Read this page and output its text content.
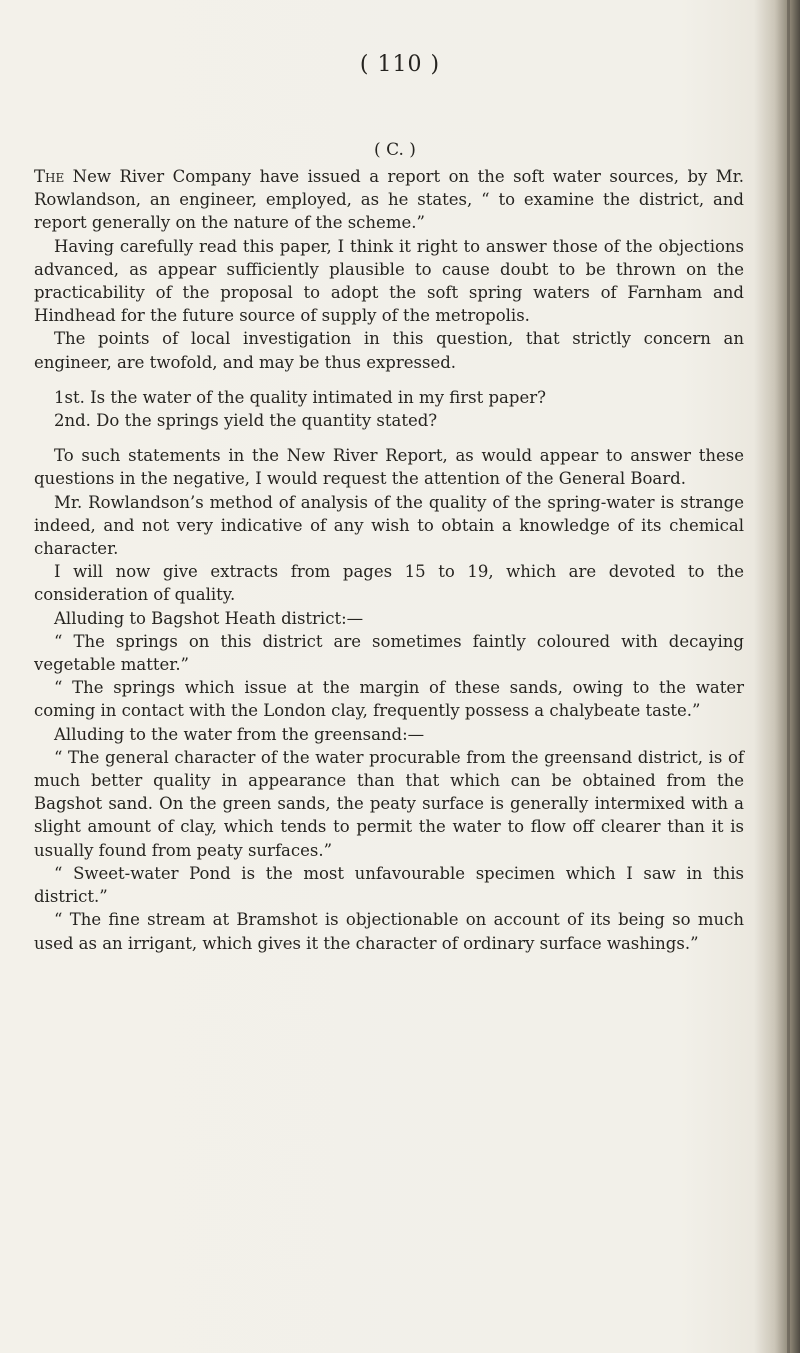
( 110 )
( C. )

The New River Company have issued a report on the soft water sources, by Mr. Rowlandson, an engineer, employed, as he states, “ to examine the district, and report generally on the nature of the scheme.”

Having carefully read this paper, I think it right to answer those of the objections advanced, as appear sufficiently plausible to cause doubt to be thrown on the practicability of the proposal to adopt the soft spring waters of Farnham and Hindhead for the future source of supply of the metropolis.

The points of local investigation in this question, that strictly concern an engineer, are twofold, and may be thus expressed.

1st. Is the water of the quality intimated in my first paper?

2nd. Do the springs yield the quantity stated?

To such statements in the New River Report, as would appear to answer these questions in the negative, I would request the attention of the General Board.

Mr. Rowlandson’s method of analysis of the quality of the spring-water is strange indeed, and not very indicative of any wish to obtain a knowledge of its chemical character.

I will now give extracts from pages 15 to 19, which are devoted to the consideration of quality.

Alluding to Bagshot Heath district:—

“ The springs on this district are sometimes faintly coloured with decaying vegetable matter.”

“ The springs which issue at the margin of these sands, owing to the water coming in contact with the London clay, frequently possess a chalybeate taste.”

Alluding to the water from the greensand:—

“ The general character of the water procurable from the greensand district, is of much better quality in appearance than that which can be obtained from the Bagshot sand. On the green sands, the peaty surface is generally intermixed with a slight amount of clay, which tends to permit the water to flow off clearer than it is usually found from peaty surfaces.”

“ Sweet-water Pond is the most unfavourable specimen which I saw in this district.”

“ The fine stream at Bramshot is objectionable on account of its being so much used as an irrigant, which gives it the character of ordinary surface washings.”
